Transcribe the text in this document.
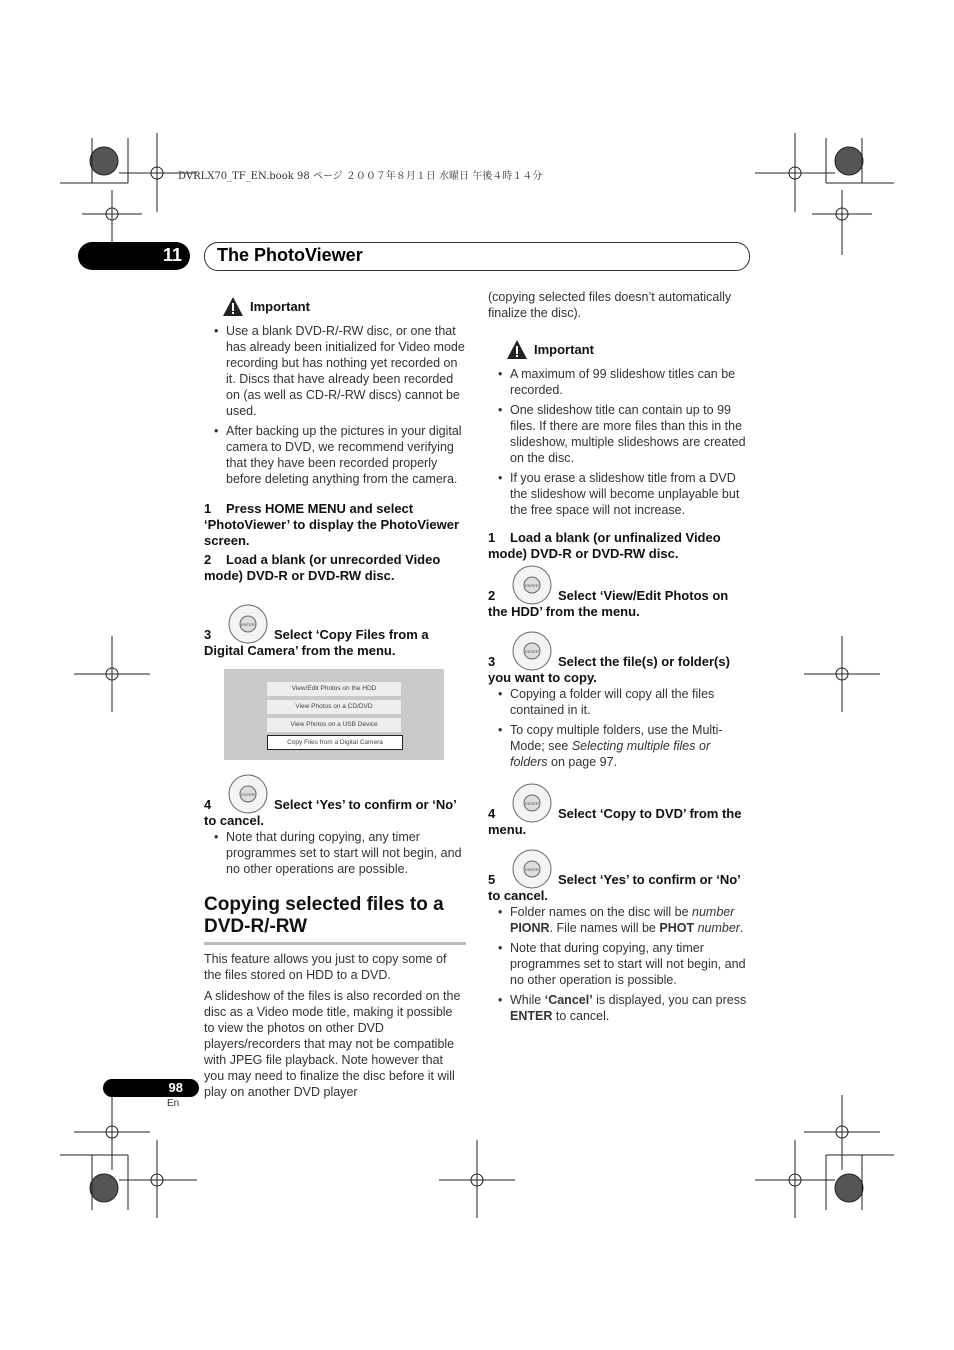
DVRLX70_TF_EN.book 98 ページ ２００７年８月１日 水曜日 午後４時１４分
11 The PhotoViewer
Important
• Use a blank DVD-R/-RW disc, or one that has already been initialized for Video mode recording but has nothing yet recorded on it. Discs that have already been recorded on (as well as CD-R/-RW discs) cannot be used.
• After backing up the pictures in your digital camera to DVD, we recommend verifying that they have been recorded properly before deleting anything from the camera.
1 Press HOME MENU and select ‘PhotoViewer’ to display the PhotoViewer screen.
2 Load a blank (or unrecorded Video mode) DVD-R or DVD-RW disc.
ENTER
3	Select ‘Copy Files from a Digital Camera’ from the menu.
View/Edit Photos on the HDD
View Photos on a CD/DVD
View Photos on a USB Device
Copy Files from a Digital Camera
ENTER
4	Select ‘Yes’ to confirm or ‘No’ to cancel.
• Note that during copying, any timer programmes set to start will not begin, and no other operations are possible.
Copying selected files to a DVD-R/-RW
This feature allows you just to copy some of the files stored on HDD to a DVD.
A slideshow of the files is also recorded on the disc as a Video mode title, making it possible to view the photos on other DVD players/recorders that may not be compatible with JPEG file playback. Note however that you may need to finalize the disc before it will play on another DVD player
(copying selected files doesn’t automatically finalize the disc).
Important
• A maximum of 99 slideshow titles can be recorded.
• One slideshow title can contain up to 99 files. If there are more files than this in the slideshow, multiple slideshows are created on the disc.
• If you erase a slideshow title from a DVD the slideshow will become unplayable but the free space will not increase.
1 Load a blank (or unfinalized Video mode) DVD-R or DVD-RW disc.
ENTER
2	Select ‘View/Edit Photos on the HDD’ from the menu.
ENTER
3	Select the file(s) or folder(s) you want to copy.
• Copying a folder will copy all the files contained in it.
• To copy multiple folders, use the Multi-Mode; see Selecting multiple files or folders on page 97.
ENTER
4	Select ‘Copy to DVD’ from the menu.
ENTER
5	Select ‘Yes’ to confirm or ‘No’ to cancel.
• Folder names on the disc will be number PIONR. File names will be PHOT number.
• Note that during copying, any timer programmes set to start will not begin, and no other operation is possible.
• While ‘Cancel’ is displayed, you can press ENTER to cancel.
98
En
